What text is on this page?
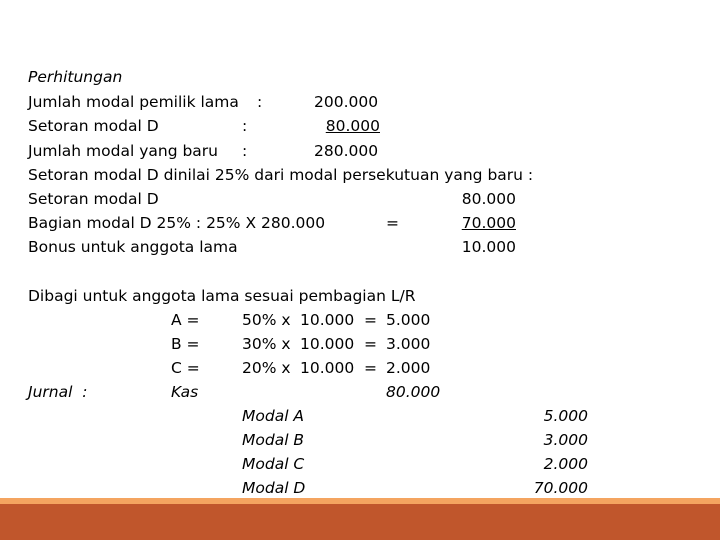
Perhitungan
Jumlah modal pemilik lama :	200.000
Setoran modal D	:	80.000
Jumlah modal yang baru :	280.000
Setoran modal D dinilai 25% dari modal persekutuan yang baru :
Setoran modal D	80.000
Bagian modal D 25% : 25% X 280.000	=	70.000
Bonus untuk anggota lama	10.000
Dibagi untuk anggota lama sesuai pembagian L/R
A =	50% x 10.000 = 5.000
B =	30% x 10.000 = 3.000
C =	20% x 10.000 = 2.000
Jurnal  :	Kas	80.000
Modal A	5.000
Modal B	3.000
Modal C	2.000
Modal D	70.000
